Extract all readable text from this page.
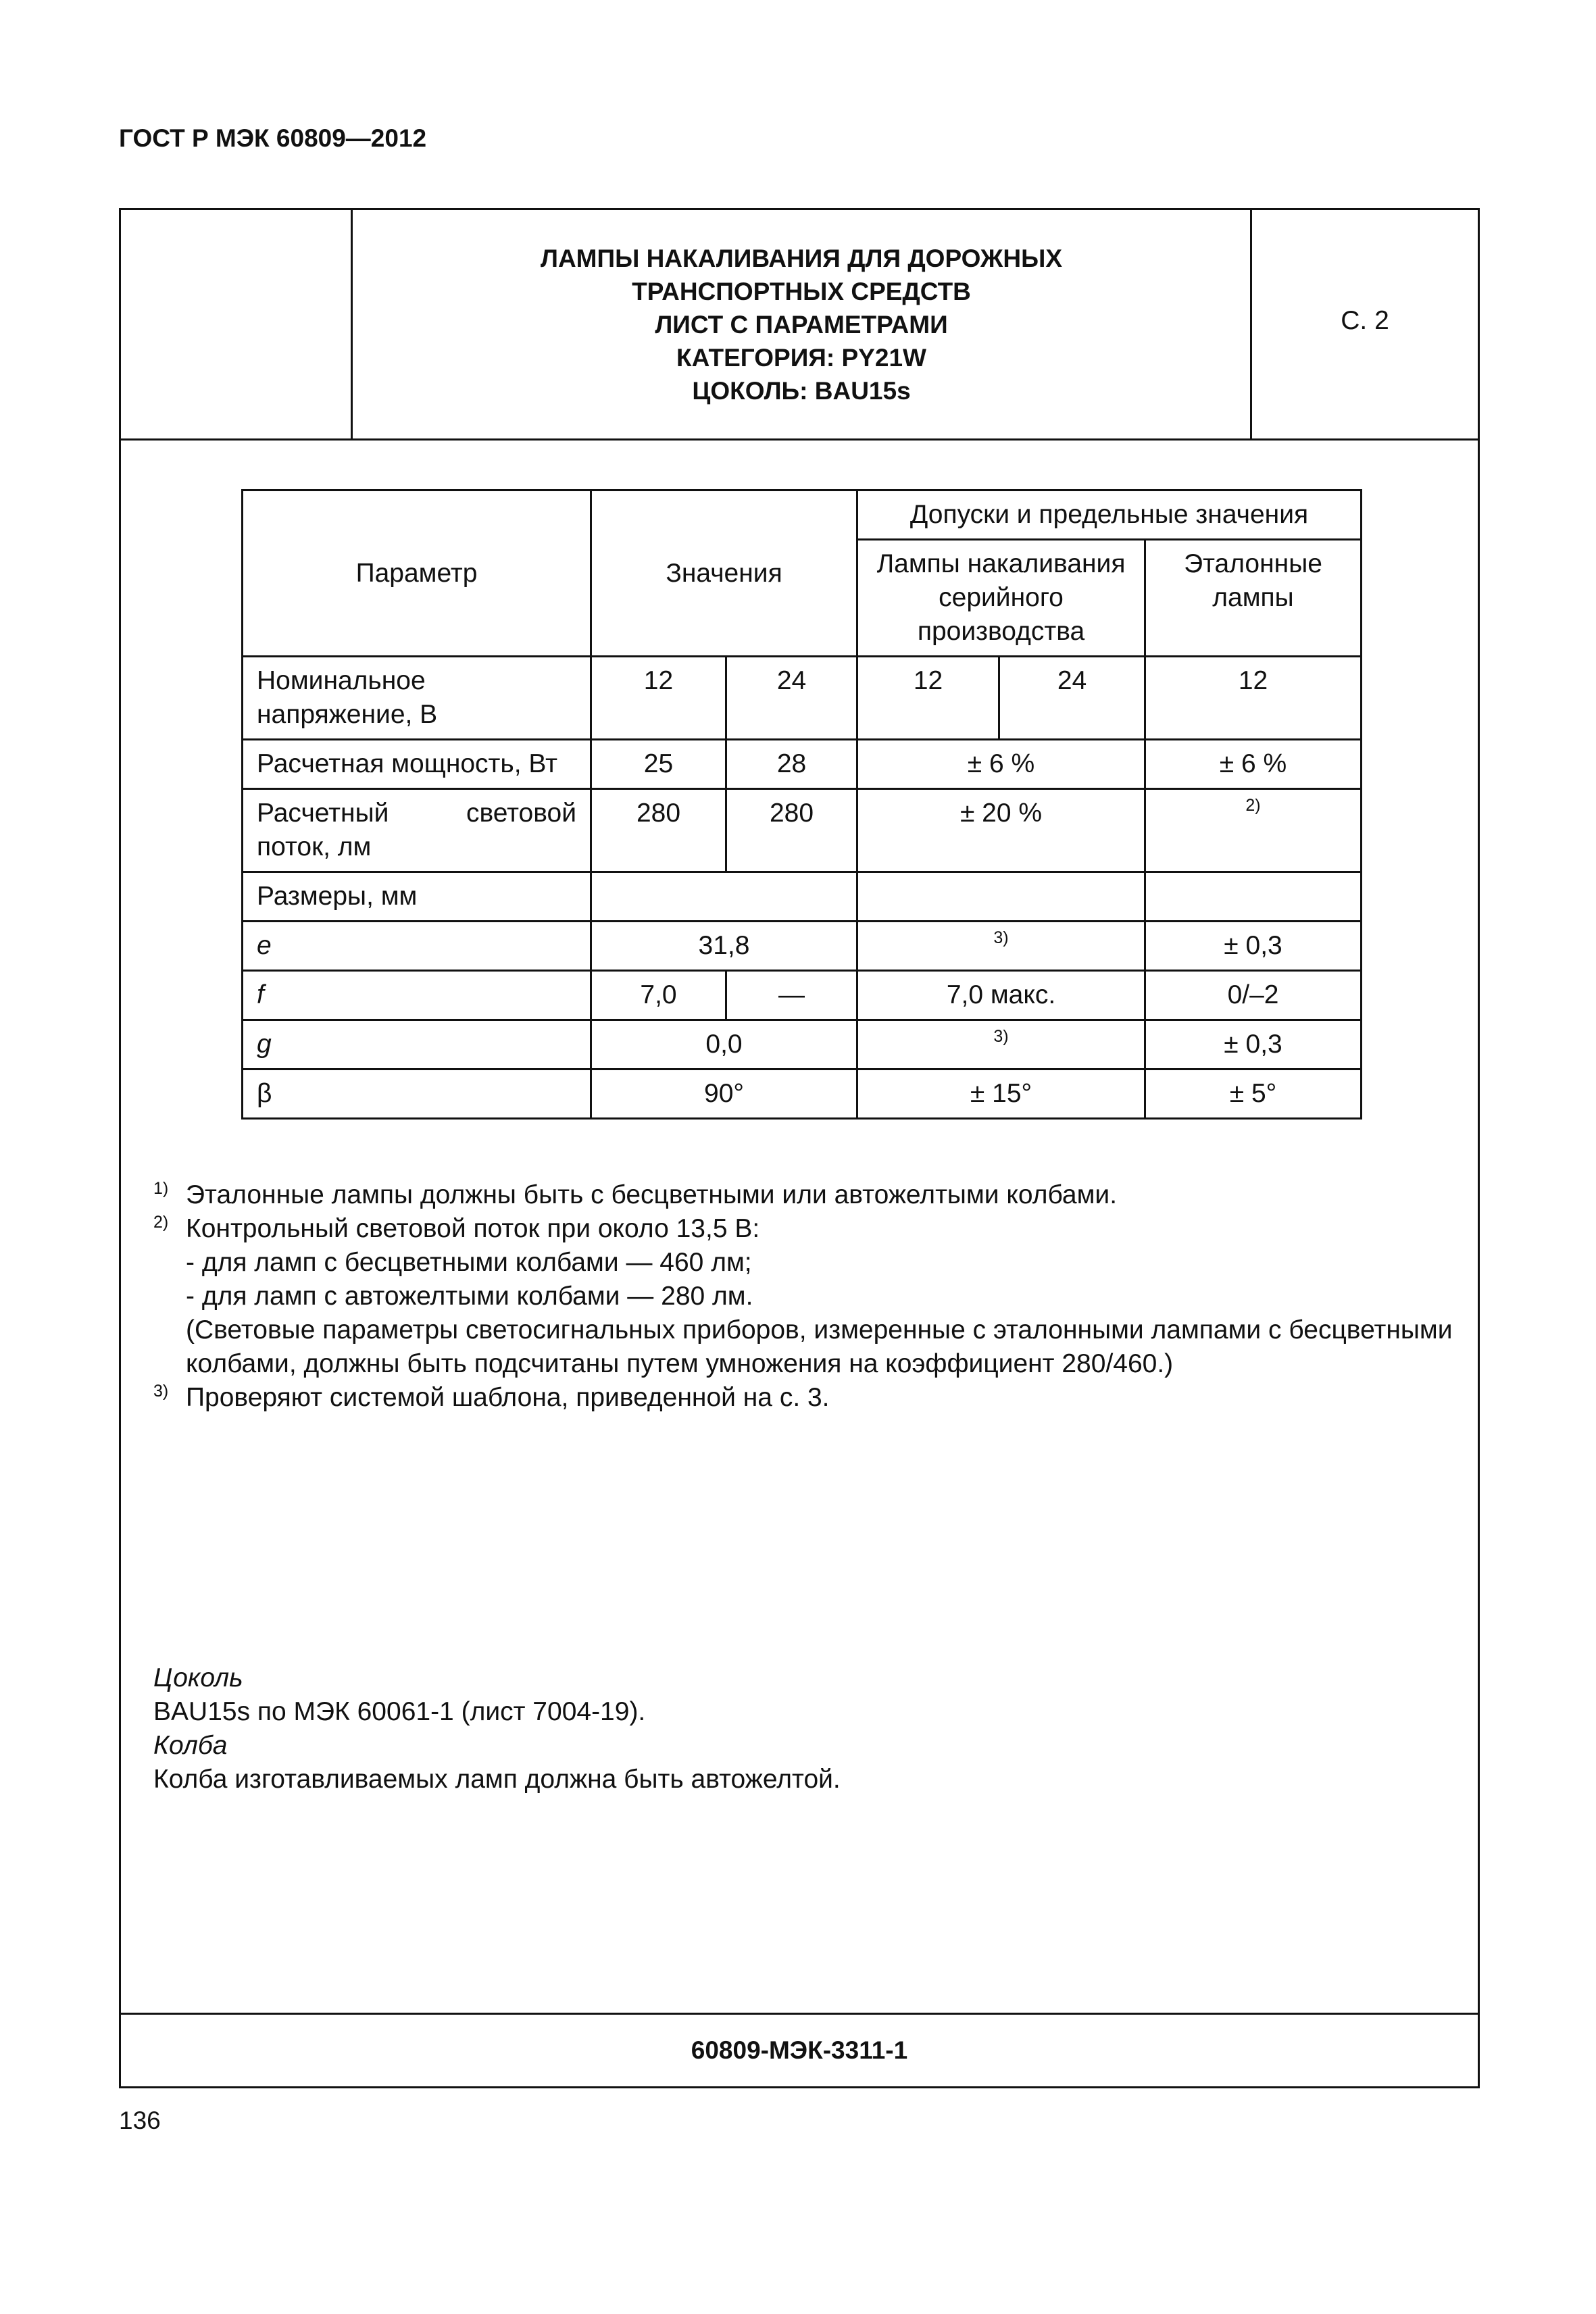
ГОСТ Р МЭК 60809—2012
ЛАМПЫ НАКАЛИВАНИЯ ДЛЯ ДОРОЖНЫХ
ТРАНСПОРТНЫХ СРЕДСТВ
ЛИСТ С ПАРАМЕТРАМИ
КАТЕГОРИЯ: PY21W
ЦОКОЛЬ: BAU15s
С. 2
Параметр	Значения		Допуски и предельные значения		
			Лампы накаливания серийного производства		Эталонные лампы
Номинальное напряжение, В	12	24	12	24	12
Расчетная мощность, Вт	25	28	± 6 %		± 6 %
Расчетный световой поток, лм	280	280	± 20 %		2)
Размеры, мм					
e	31,8		3)		± 0,3
f	7,0	—	7,0 макс.		0/–2
g	0,0		3)		± 0,3
β	90°		± 15°		± 5°
1) Эталонные лампы должны быть с бесцветными или автожелтыми колбами.

2) Контрольный световой поток при около 13,5 В:

- для ламп с бесцветными колбами — 460 лм;

- для ламп с автожелтыми колбами — 280 лм.

(Световые параметры светосигнальных приборов, измеренные с эталонными лампами с бесцветными колбами, должны быть подсчитаны путем умножения на коэффициент 280/460.)

3) Проверяют системой шаблона, приведенной на с. 3.

Цоколь

BAU15s по МЭК 60061-1 (лист 7004-19).

Колба

Колба изготавливаемых ламп должна быть автожелтой.

60809-МЭК-3311-1
136
